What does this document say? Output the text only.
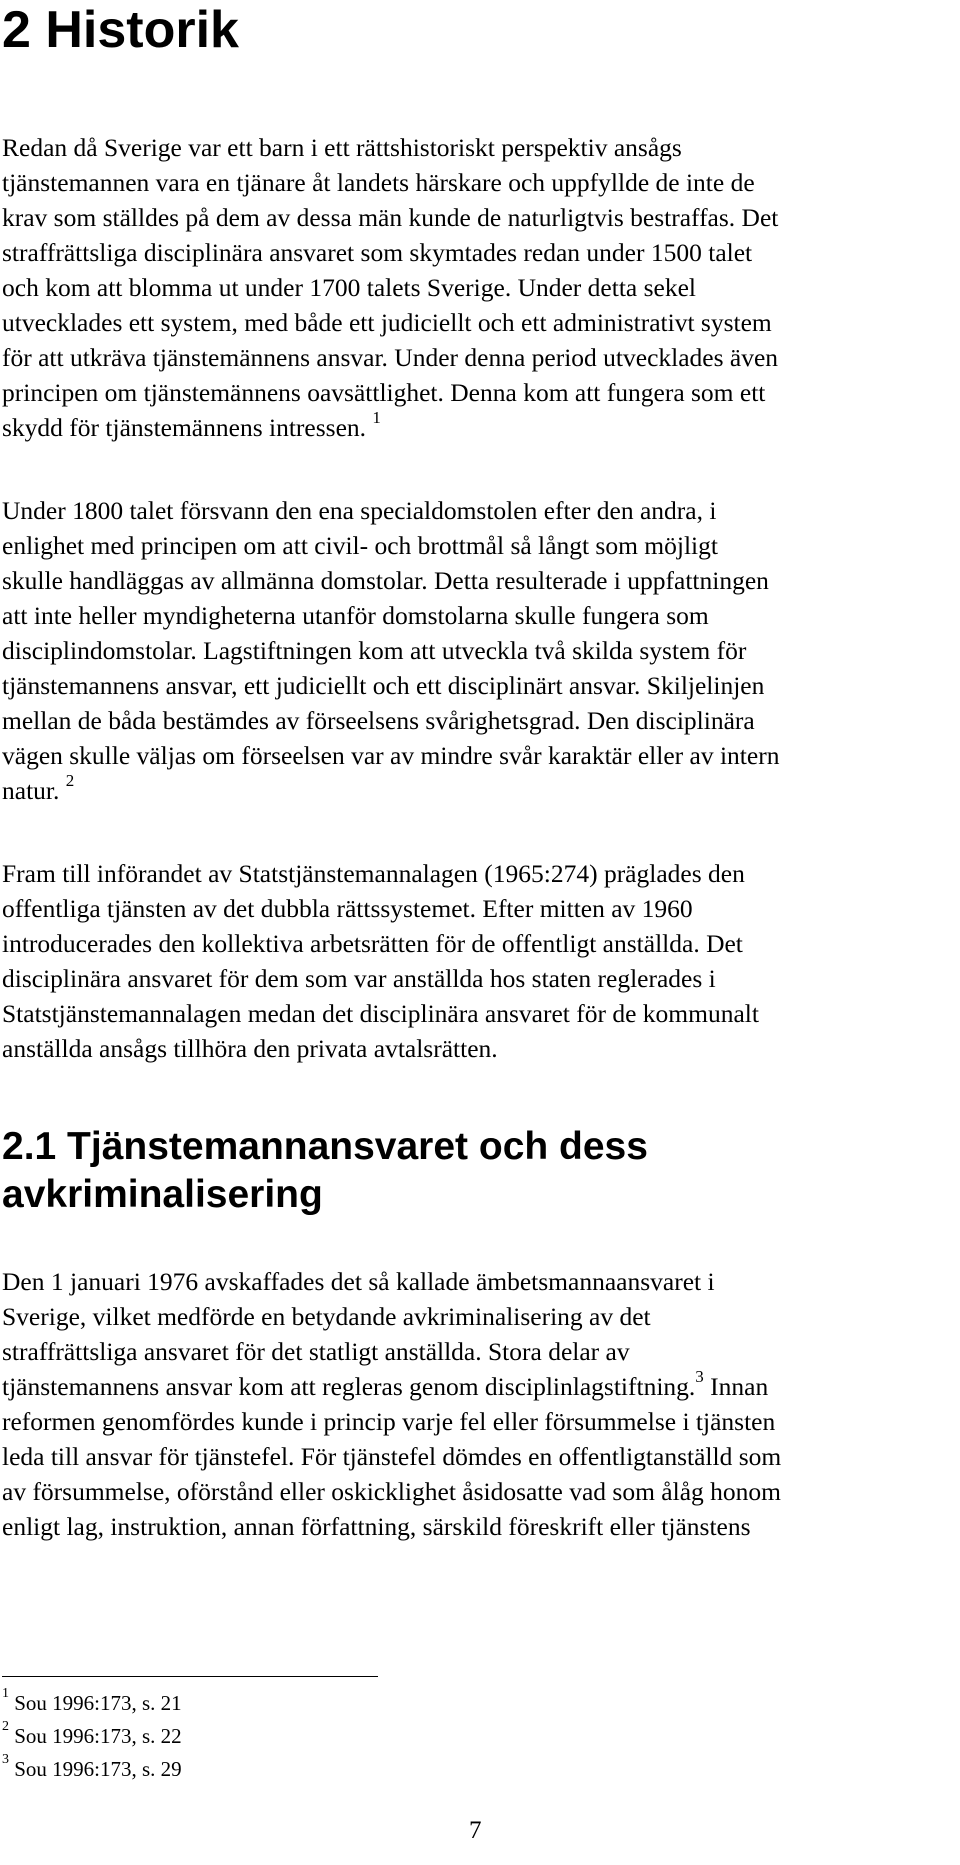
2 Historik

Redan då Sverige var ett barn i ett rättshistoriskt perspektiv ansågs
tjänstemannen vara en tjänare åt landets härskare och uppfyllde de inte de
krav som ställdes på dem av dessa män kunde de naturligtvis bestraffas. Det
straffrättsliga disciplinära ansvaret som skymtades redan under 1500 talet
och kom att blomma ut under 1700 talets Sverige. Under detta sekel
utvecklades ett system, med både ett judiciellt och ett administrativt system
för att utkräva tjänstemännens ansvar. Under denna period utvecklades även
principen om tjänstemännens oavsättlighet. Denna kom att fungera som ett
skydd för tjänstemännens intressen. $^1$

Under 1800 talet försvann den ena specialdomstolen efter den andra, i
enlighet med principen om att civil- och brottmål så långt som möjligt
skulle handläggas av allmänna domstolar. Detta resulterade i uppfattningen
att inte heller myndigheterna utanför domstolarna skulle fungera som
disciplindomstolar. Lagstiftningen kom att utveckla två skilda system för
tjänstemannens ansvar, ett judiciellt och ett disciplinärt ansvar. Skiljelinjen
mellan de båda bestämdes av förseelsens svårighetsgrad. Den disciplinära
vägen skulle väljas om förseelsen var av mindre svår karaktär eller av intern
natur. $^2$

Fram till införandet av Statstjänstemannalagen (1965:274) präglades den
offentliga tjänsten av det dubbla rättssystemet. Efter mitten av 1960
introducerades den kollektiva arbetsrätten för de offentligt anställda. Det
disciplinära ansvaret för dem som var anställda hos staten reglerades i
Statstjänstemannalagen medan det disciplinära ansvaret för de kommunalt
anställda ansågs tillhöra den privata avtalsrätten.

2.1 Tjänstemannansvaret och dess avkriminalisering

Den 1 januari 1976 avskaffades det så kallade ämbetsmannaansvaret i
Sverige, vilket medförde en betydande avkriminalisering av det
straffrättsliga ansvaret för det statligt anställda. Stora delar av
tjänstemannens ansvar kom att regleras genom disciplinlagstiftning.$^3$ Innan
reformen genomfördes kunde i princip varje fel eller försummelse i tjänsten
leda till ansvar för tjänstefel. För tjänstefel dömdes en offentligtanställd som
av försummelse, oförstånd eller oskicklighet åsidosatte vad som ålåg honom
enligt lag, instruktion, annan författning, särskild föreskrift eller tjänstens

$^1$ Sou 1996:173, s. 21
$^2$ Sou 1996:173, s. 22
$^3$ Sou 1996:173, s. 29
7
